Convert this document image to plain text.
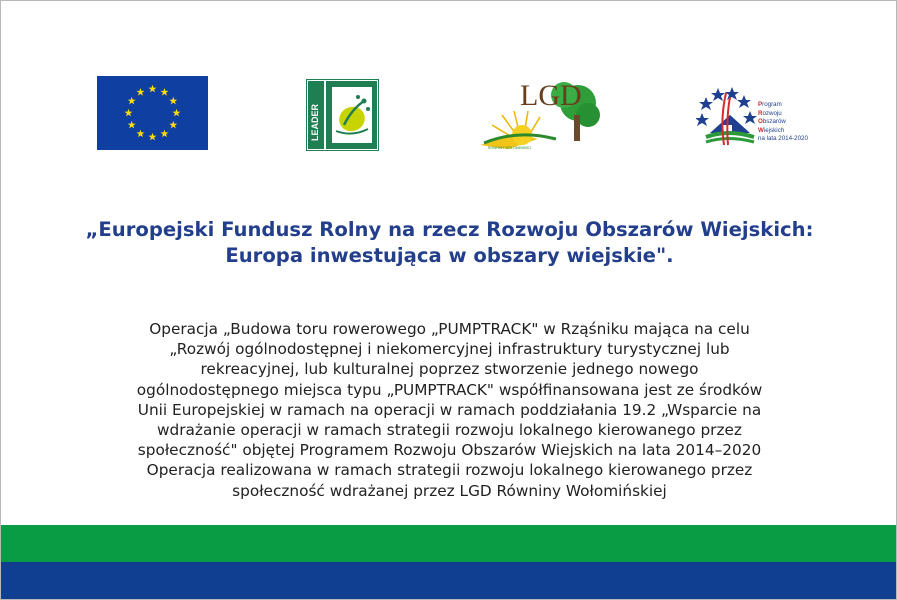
LEADER
LGD
RÓWNINY WOŁOMIŃSKIEJ
Program
Rozwoju
Obszarów
Wiejskich
na lata 2014-2020
„Europejski Fundusz Rolny na rzecz Rozwoju Obszarów Wiejskich:
Europa inwestująca w obszary wiejskie".
Operacja „Budowa toru rowerowego „PUMPTRACK" w Rząśniku mająca na celu
„Rozwój ogólnodostępnej i niekomercyjnej infrastruktury turystycznej lub
rekreacyjnej, lub kulturalnej poprzez stworzenie jednego nowego
ogólnodostępnego miejsca typu „PUMPTRACK" współfinansowana jest ze środków
Unii Europejskiej w ramach na operacji w ramach poddziałania 19.2 „Wsparcie na
wdrażanie operacji w ramach strategii rozwoju lokalnego kierowanego przez
społeczność" objętej Programem Rozwoju Obszarów Wiejskich na lata 2014–2020
Operacja realizowana w ramach strategii rozwoju lokalnego kierowanego przez
społeczność wdrażanej przez LGD Równiny Wołomińskiej
